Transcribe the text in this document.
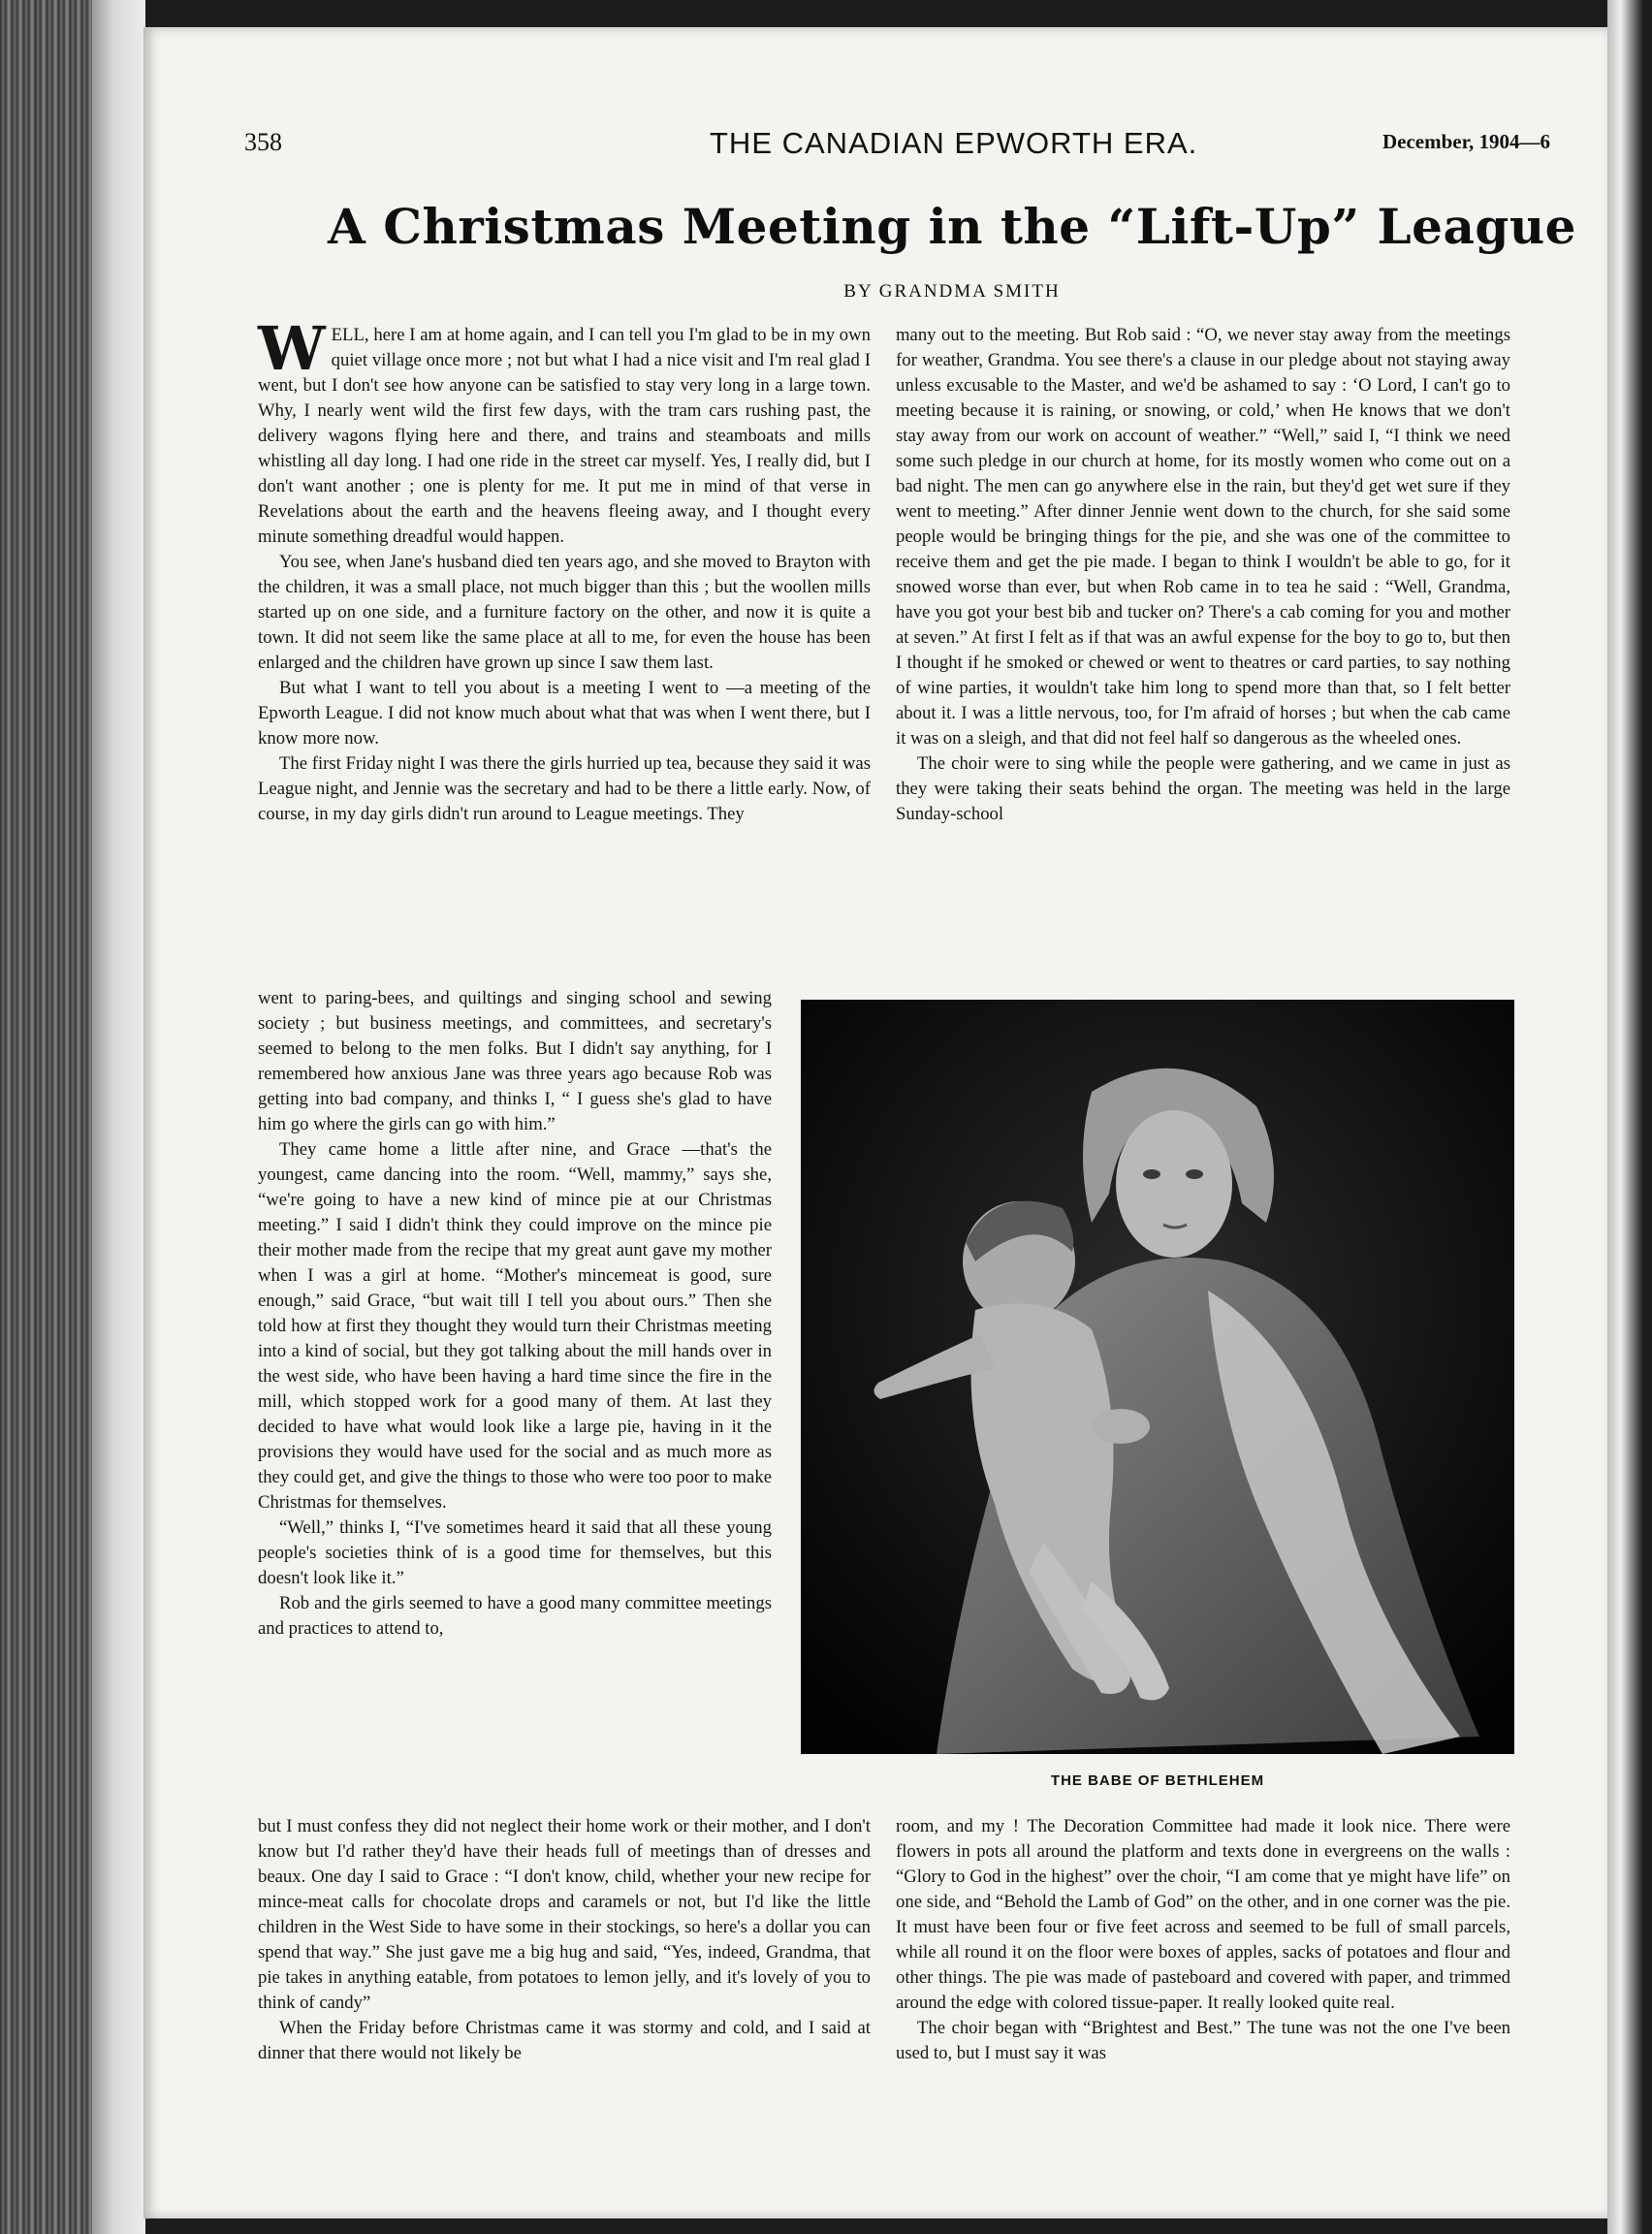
358	THE CANADIAN EPWORTH ERA.	December, 1904—6
A Christmas Meeting in the “Lift-Up” League
BY GRANDMA SMITH

WELL, here I am at home again, and I can tell you I'm glad to be in my own quiet village once more ; not but what I had a nice visit and I'm real glad I went, but I don't see how anyone can be satisfied to stay very long in a large town. Why, I nearly went wild the first few days, with the tram cars rushing past, the delivery wagons flying here and there, and trains and steamboats and mills whistling all day long. I had one ride in the street car myself. Yes, I really did, but I don't want another ; one is plenty for me. It put me in mind of that verse in Revelations about the earth and the heavens fleeing away, and I thought every minute something dreadful would happen.

You see, when Jane's husband died ten years ago, and she moved to Brayton with the children, it was a small place, not much bigger than this ; but the woollen mills started up on one side, and a furniture factory on the other, and now it is quite a town. It did not seem like the same place at all to me, for even the house has been enlarged and the children have grown up since I saw them last.

But what I want to tell you about is a meeting I went to —a meeting of the Epworth League. I did not know much about what that was when I went there, but I know more now.

The first Friday night I was there the girls hurried up tea, because they said it was League night, and Jennie was the secretary and had to be there a little early. Now, of course, in my day girls didn't run around to League meetings. They

went to paring-bees, and quiltings and singing school and sewing society ; but business meetings, and committees, and secretary's seemed to belong to the men folks. But I didn't say anything, for I remembered how anxious Jane was three years ago because Rob was getting into bad company, and thinks I, “ I guess she's glad to have him go where the girls can go with him.”

They came home a little after nine, and Grace —that's the youngest, came dancing into the room. “Well, mammy,” says she, “we're going to have a new kind of mince pie at our Christmas meeting.” I said I didn't think they could improve on the mince pie their mother made from the recipe that my great aunt gave my mother when I was a girl at home. “Mother's mincemeat is good, sure enough,” said Grace, “but wait till I tell you about ours.” Then she told how at first they thought they would turn their Christmas meeting into a kind of social, but they got talking about the mill hands over in the west side, who have been having a hard time since the fire in the mill, which stopped work for a good many of them. At last they decided to have what would look like a large pie, having in it the provisions they would have used for the social and as much more as they could get, and give the things to those who were too poor to make Christmas for themselves.

“Well,” thinks I, “I've sometimes heard it said that all these young people's societies think of is a good time for themselves, but this doesn't look like it.”

Rob and the girls seemed to have a good many committee meetings and practices to attend to,

but I must confess they did not neglect their home work or their mother, and I don't know but I'd rather they'd have their heads full of meetings than of dresses and beaux. One day I said to Grace : “I don't know, child, whether your new recipe for mince-meat calls for chocolate drops and caramels or not, but I'd like the little children in the West Side to have some in their stockings, so here's a dollar you can spend that way.” She just gave me a big hug and said, “Yes, indeed, Grandma, that pie takes in anything eatable, from potatoes to lemon jelly, and it's lovely of you to think of candy”

When the Friday before Christmas came it was stormy and cold, and I said at dinner that there would not likely be

many out to the meeting. But Rob said : “O, we never stay away from the meetings for weather, Grandma. You see there's a clause in our pledge about not staying away unless excusable to the Master, and we'd be ashamed to say : ‘O Lord, I can't go to meeting because it is raining, or snowing, or cold,’ when He knows that we don't stay away from our work on account of weather.” “Well,” said I, “I think we need some such pledge in our church at home, for its mostly women who come out on a bad night. The men can go anywhere else in the rain, but they'd get wet sure if they went to meeting.” After dinner Jennie went down to the church, for she said some people would be bringing things for the pie, and she was one of the committee to receive them and get the pie made. I began to think I wouldn't be able to go, for it snowed worse than ever, but when Rob came in to tea he said : “Well, Grandma, have you got your best bib and tucker on? There's a cab coming for you and mother at seven.” At first I felt as if that was an awful expense for the boy to go to, but then I thought if he smoked or chewed or went to theatres or card parties, to say nothing of wine parties, it wouldn't take him long to spend more than that, so I felt better about it. I was a little nervous, too, for I'm afraid of horses ; but when the cab came it was on a sleigh, and that did not feel half so dangerous as the wheeled ones.

The choir were to sing while the people were gathering, and we came in just as they were taking their seats behind the organ. The meeting was held in the large Sunday-school

room, and my ! The Decoration Committee had made it look nice. There were flowers in pots all around the platform and texts done in evergreens on the walls : “Glory to God in the highest” over the choir, “I am come that ye might have life” on one side, and “Behold the Lamb of God” on the other, and in one corner was the pie. It must have been four or five feet across and seemed to be full of small parcels, while all round it on the floor were boxes of apples, sacks of potatoes and flour and other things. The pie was made of pasteboard and covered with paper, and trimmed around the edge with colored tissue-paper. It really looked quite real.

The choir began with “Brightest and Best.” The tune was not the one I've been used to, but I must say it was

THE BABE OF BETHLEHEM
